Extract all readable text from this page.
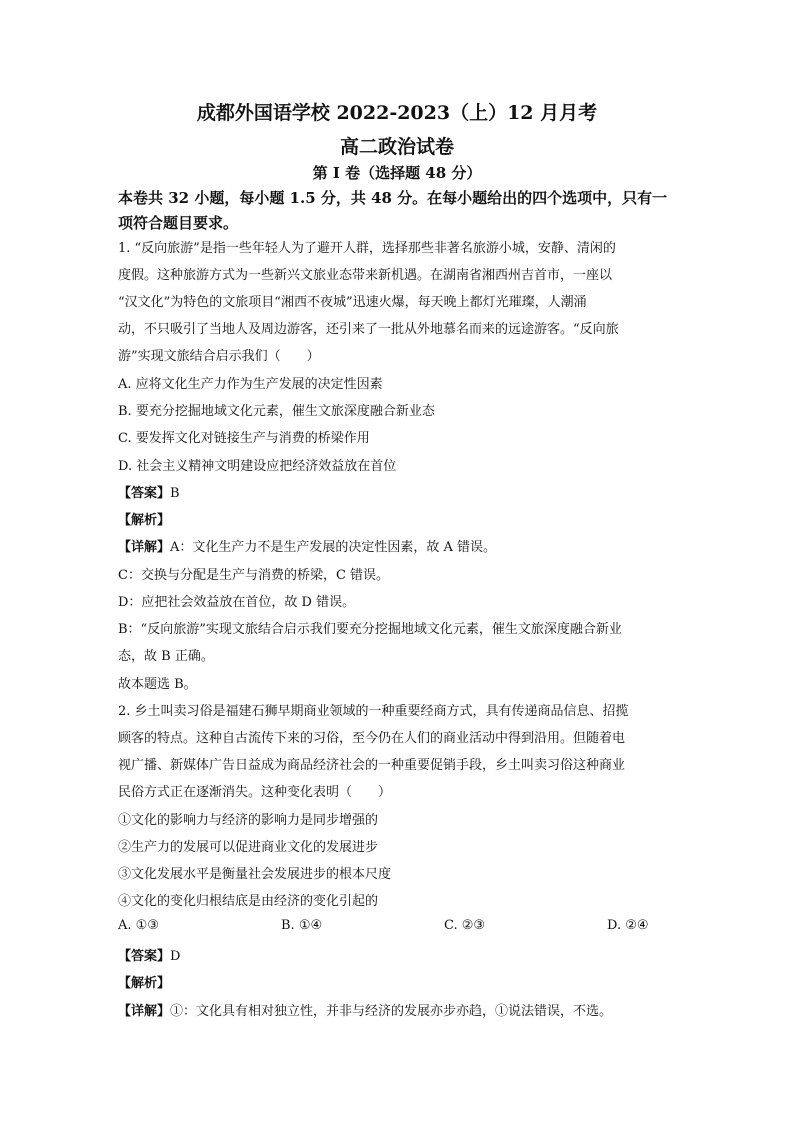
成都外国语学校 2022-2023（上）12 月月考
高二政治试卷
第 I 卷（选择题 48 分）
本卷共 32 小题，每小题 1.5 分，共 48 分。在每小题给出的四个选项中，只有一项符合题目要求。
1. “反向旅游”是指一些年轻人为了避开人群，选择那些非著名旅游小城，安静、清闲的
度假。这种旅游方式为一些新兴文旅业态带来新机遇。在湖南省湘西州吉首市，一座以
“汉文化”为特色的文旅项目“湘西不夜城”迅速火爆，每天晚上都灯光璀璨，人潮涌
动，不只吸引了当地人及周边游客，还引来了一批从外地慕名而来的远途游客。“反向旅
游”实现文旅结合启示我们（　　）
A. 应将文化生产力作为生产发展的决定性因素
B. 要充分挖掘地域文化元素，催生文旅深度融合新业态
C. 要发挥文化对链接生产与消费的桥梁作用
D. 社会主义精神文明建设应把经济效益放在首位
【答案】B
【解析】
【详解】A：文化生产力不是生产发展的决定性因素，故 A 错误。
C：交换与分配是生产与消费的桥梁，C 错误。
D：应把社会效益放在首位，故 D 错误。
B：“反向旅游”实现文旅结合启示我们要充分挖掘地域文化元素，催生文旅深度融合新业
态，故 B 正确。
故本题选 B。
2. 乡土叫卖习俗是福建石狮早期商业领域的一种重要经商方式，具有传递商品信息、招揽
顾客的特点。这种自古流传下来的习俗，至今仍在人们的商业活动中得到沿用。但随着电
视广播、新媒体广告日益成为商品经济社会的一种重要促销手段，乡土叫卖习俗这种商业
民俗方式正在逐渐消失。这种变化表明（　　）
①文化的影响力与经济的影响力是同步增强的
②生产力的发展可以促进商业文化的发展进步
③文化发展水平是衡量社会发展进步的根本尺度
④文化的变化归根结底是由经济的变化引起的
A. ①③	B. ①④	C. ②③	D. ②④
【答案】D
【解析】
【详解】①：文化具有相对独立性，并非与经济的发展亦步亦趋，①说法错误，不选。
